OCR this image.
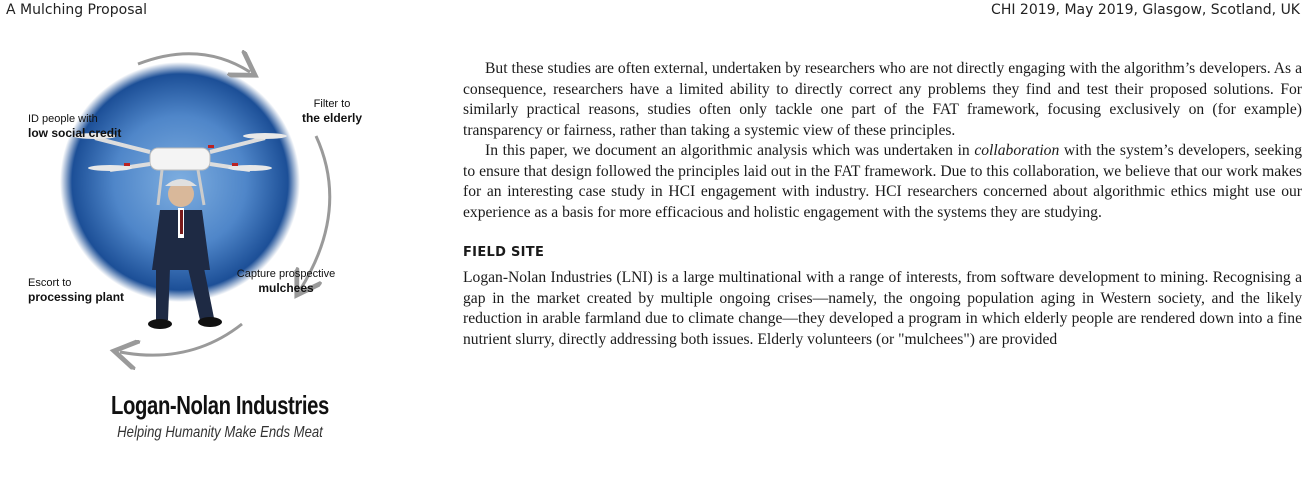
A Mulching Proposal	CHI 2019, May 2019, Glasgow, Scotland, UK
ID people with
low social credit
Filter to
the elderly
Capture prospective
mulchees
Escort to
processing plant
Logan-Nolan Industries
Helping Humanity Make Ends Meat

But these studies are often external, undertaken by researchers who are not directly engaging with the algorithm’s developers. As a consequence, researchers have a limited ability to directly correct any problems they find and test their proposed solutions. For similarly practical reasons, studies often only tackle one part of the FAT framework, focusing exclusively on (for example) transparency or fairness, rather than taking a systemic view of these principles.

In this paper, we document an algorithmic analysis which was undertaken in collaboration with the system’s developers, seeking to ensure that design followed the principles laid out in the FAT framework. Due to this collaboration, we believe that our work makes for an interesting case study in HCI engagement with industry. HCI researchers concerned about algorithmic ethics might use our experience as a basis for more efficacious and holistic engagement with the systems they are studying.

FIELD SITE

Logan-Nolan Industries (LNI) is a large multinational with a range of interests, from software development to mining. Recognising a gap in the market created by multiple ongoing crises—namely, the ongoing population aging in Western society, and the likely reduction in arable farmland due to climate change—they developed a program in which elderly people are rendered down into a fine nutrient slurry, directly addressing both issues. Elderly volunteers (or "mulchees") are provided
